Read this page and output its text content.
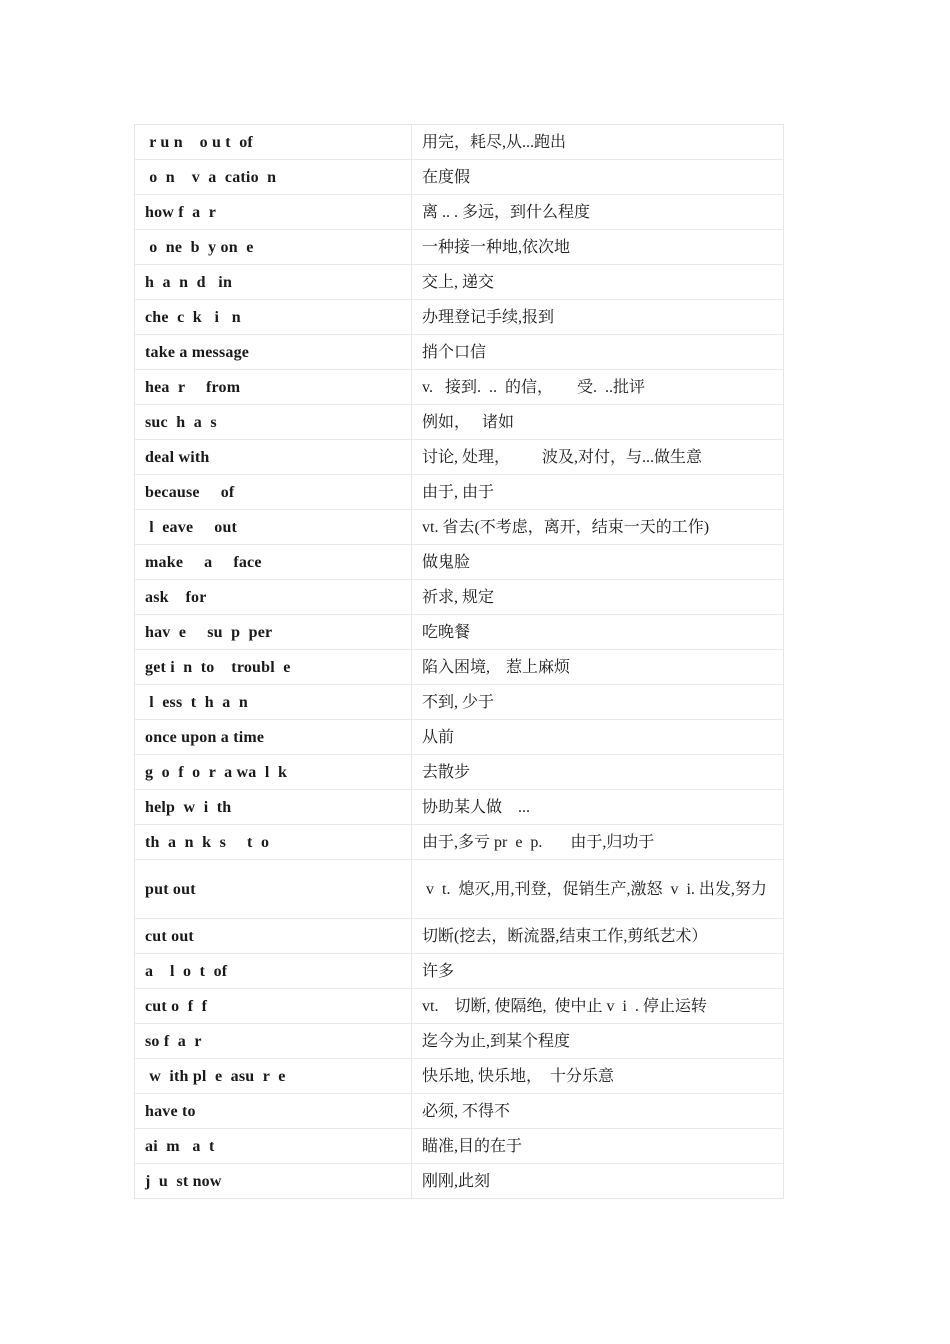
r u n    o u t  of	用完，耗尽,从...跑出
o  n    v  a  catio  n	在度假
how f  a  r	离 .. . 多远，到什么程度
o  ne  b  y on  e	一种接一种地,依次地
h  a  n  d   in	交上, 递交
che  c  k   i   n	办理登记手续,报到
take a message	捎个口信
hea  r     from	v.   接到.  ..  的信，      受.  ..批评
suc  h  a  s	例如，   诸如
deal with	讨论, 处理，        波及,对付，与...做生意
because     of	由于, 由于
l  eave     out	vt. 省去(不考虑，离开，结束一天的工作)
make     a     face	做鬼脸
ask    for	祈求, 规定
hav  e     su  p  per	吃晚餐
get i  n  to    troubl  e	陷入困境,    惹上麻烦
l  ess  t  h  a  n	不到, 少于
once upon a time	从前
g  o  f  o  r  a wa  l  k	去散步
help  w  i  th	协助某人做    ...
th  a  n  k  s     t  o	由于,多亏 pr  e  p.       由于,归功于
put out	v  t.  熄灭,用,刊登，促销生产,激怒  v  i. 出发,努力
cut out	切断(挖去，断流器,结束工作,剪纸艺术）
a    l  o  t  of	许多
cut o  f  f	vt.    切断, 使隔绝,  使中止 v  i  . 停止运转
so f  a  r	迄今为止,到某个程度
w  ith pl  e  asu  r  e	快乐地, 快乐地，  十分乐意
have to	必须, 不得不
ai  m   a  t	瞄准,目的在于
j  u  st now	刚刚,此刻
